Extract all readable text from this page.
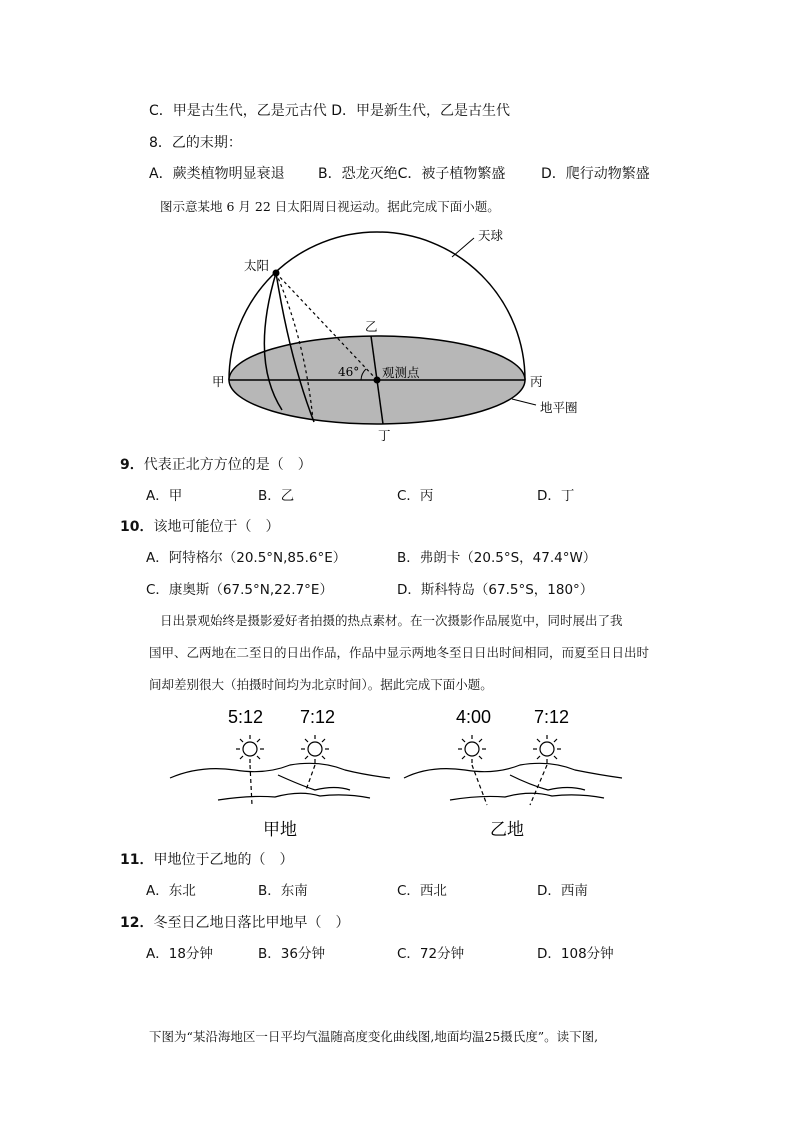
C．甲是古生代，乙是元古代 D．甲是新生代，乙是古生代
8．乙的末期：
A．蕨类植物明显衰退 B．恐龙灭绝C．被子植物繁盛	D．爬行动物繁盛
图示意某地 6 月 22 日太阳周日视运动。据此完成下面小题。
天球
太阳
46° 观测点
甲
乙
丙
丁
地平圈
9．代表正北方方位的是（　）
A．甲	B．乙	C．丙	D．丁
10．该地可能位于（　）
A．阿特格尔（20.5°N,85.6°E）	B．弗朗卡（20.5°S，47.4°W）
C．康奥斯（67.5°N,22.7°E）	D．斯科特岛（67.5°S，180°）
日出景观始终是摄影爱好者拍摄的热点素材。在一次摄影作品展览中，同时展出了我
国甲、乙两地在二至日的日出作品，作品中显示两地冬至日日出时间相同，而夏至日日出时
间却差别很大（拍摄时间均为北京时间）。据此完成下面小题。
5:12 7:12
甲地
4:00 7:12
乙地
11．甲地位于乙地的（　）
A．东北	B．东南	C．西北	D．西南
12．冬至日乙地日落比甲地早（　）
A．18分钟	B．36分钟	C．72分钟	D．108分钟
下图为“某沿海地区一日平均气温随高度变化曲线图,地面均温25摄氏度”。读下图,
